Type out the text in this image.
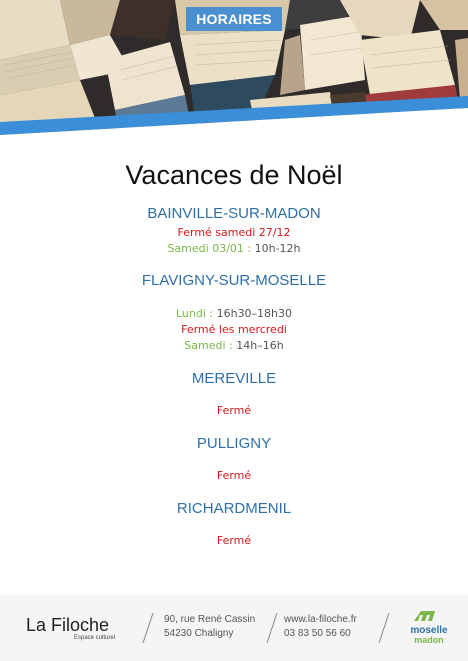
HORAIRES
Vacances de Noël
BAINVILLE-SUR-MADON
Fermé samedi 27/12
Samedi 03/01 : 10h-12h
FLAVIGNY-SUR-MOSELLE
Lundi : 16h30–18h30
Fermé les mercredi
Samedi : 14h–16h
MEREVILLE
Fermé
PULLIGNY
Fermé
RICHARDMENIL
Fermé
La Filoche
Espace culturel
90, rue René Cassin
54230 Chaligny
www.la-filoche.fr
03 83 50 56 60	moselle
madon
